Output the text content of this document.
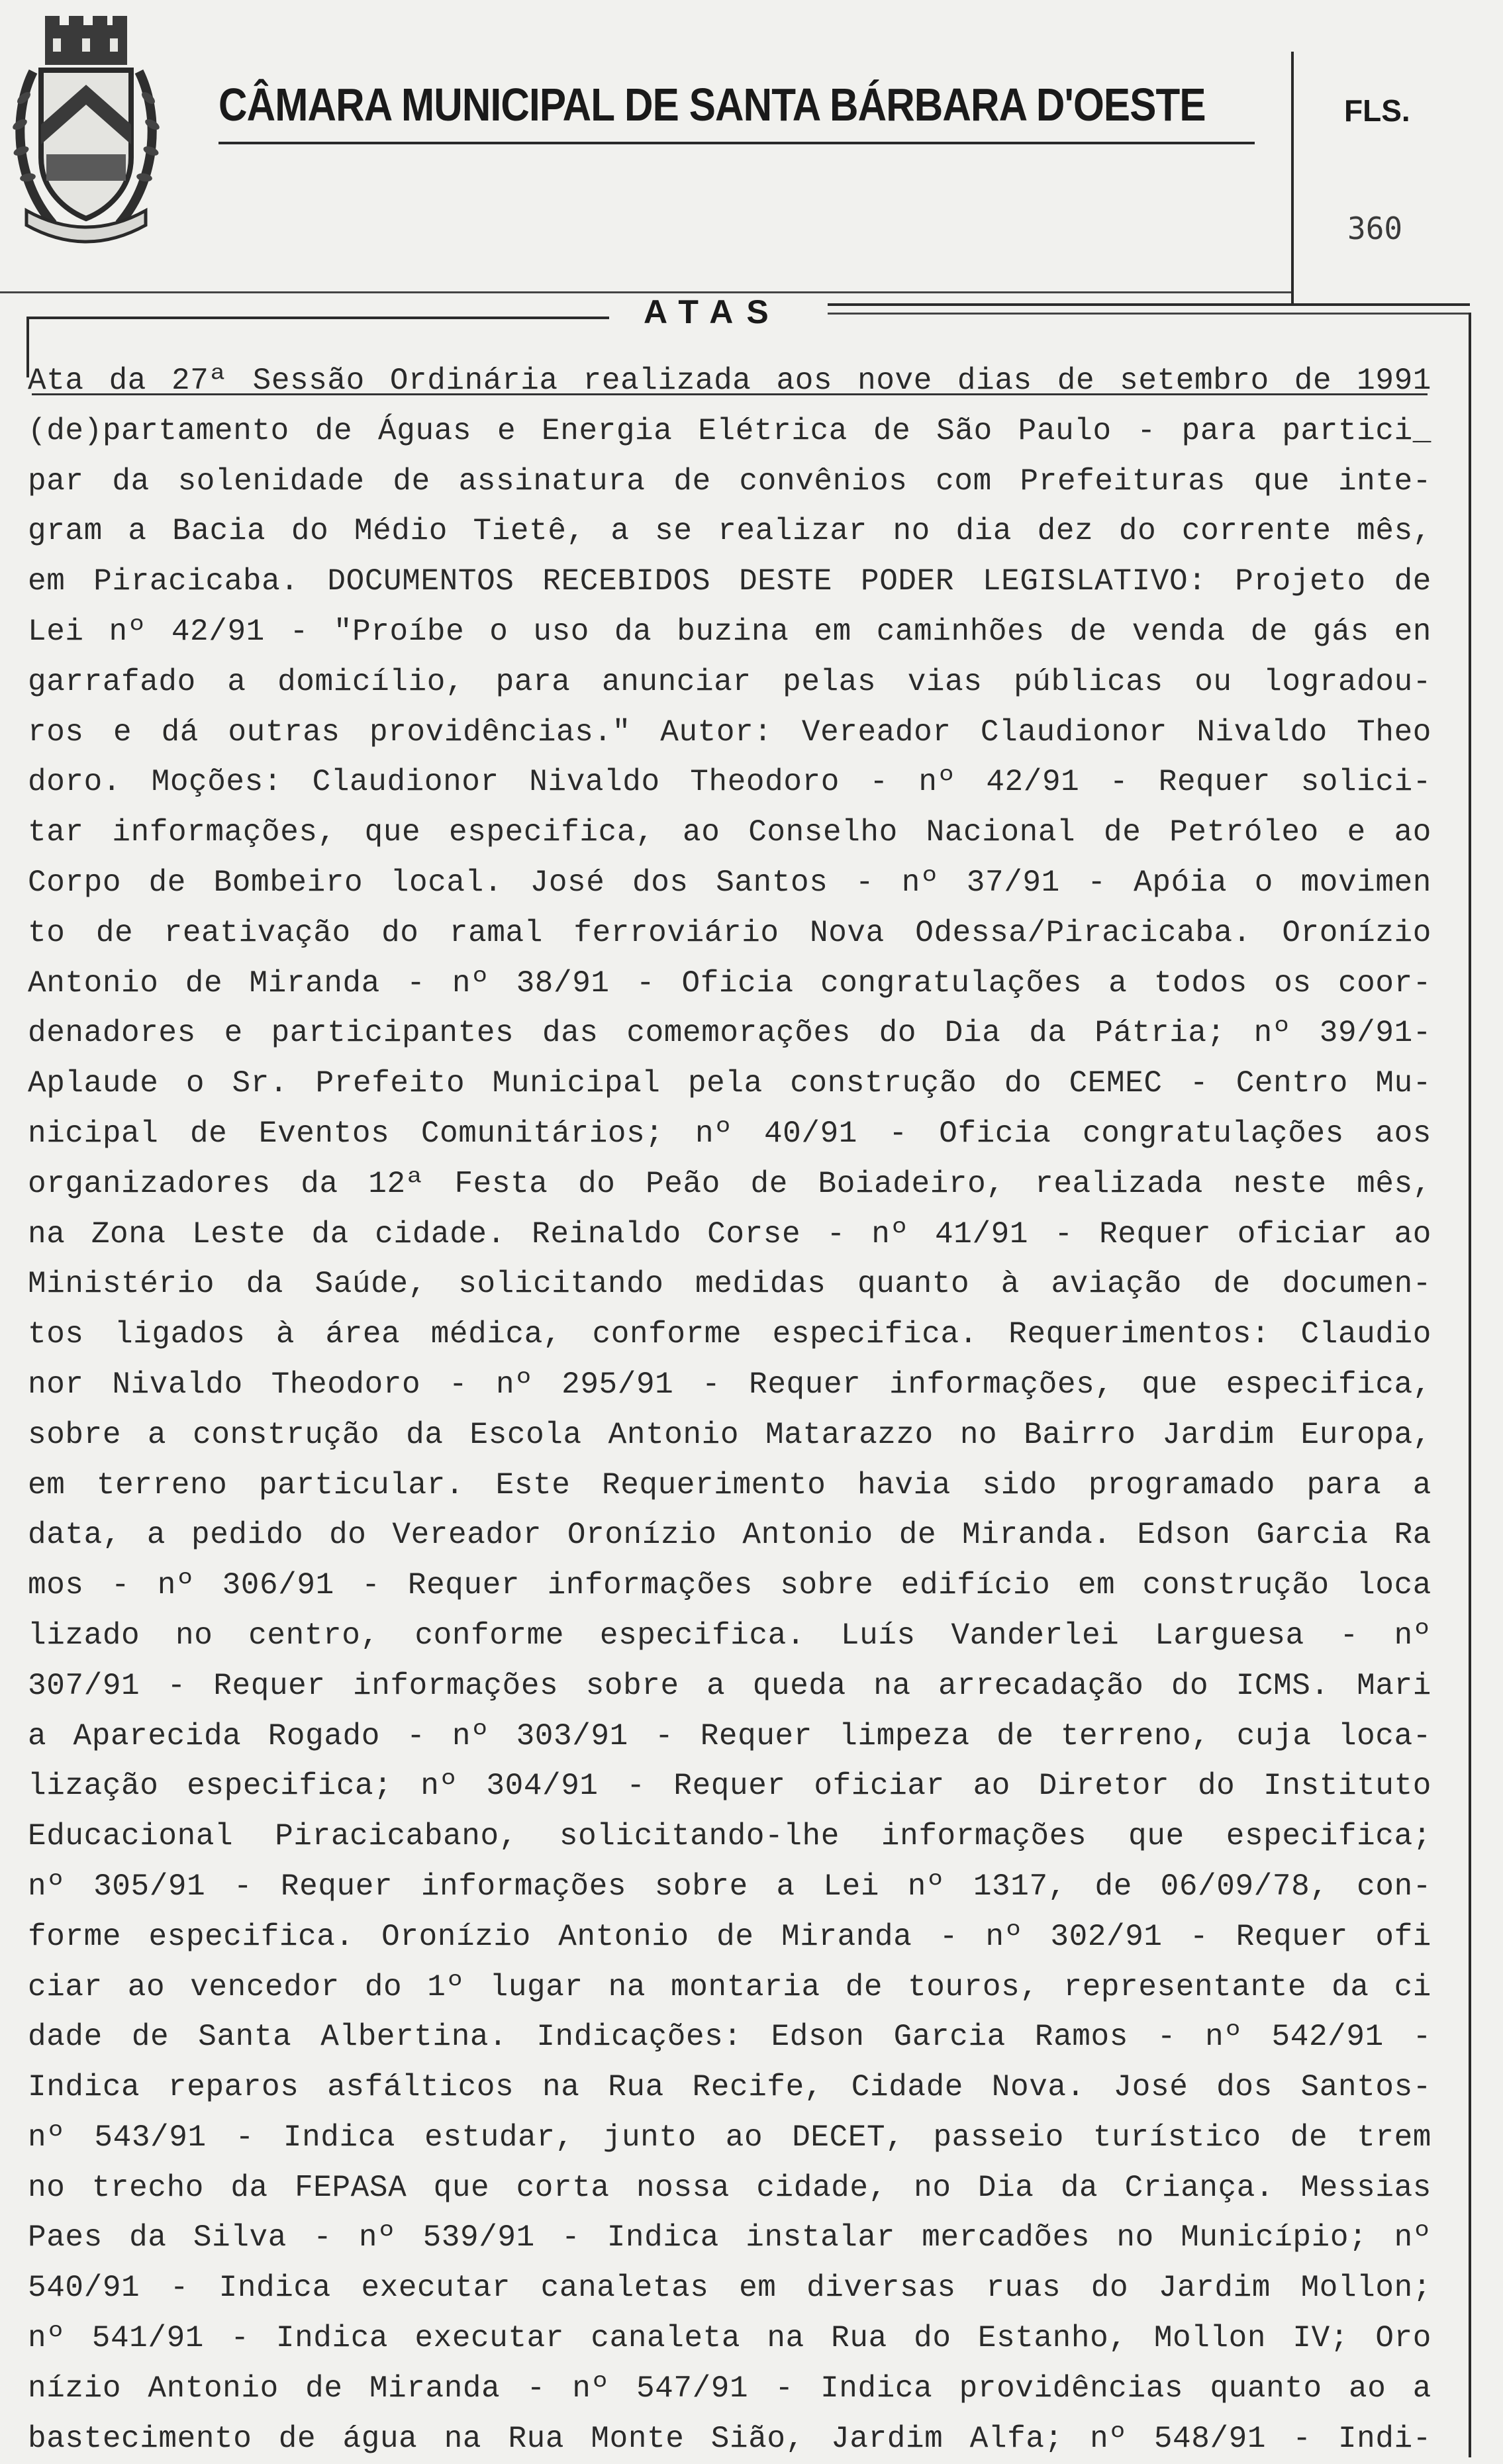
CÂMARA MUNICIPAL DE SANTA BÁRBARA D'OESTE	FLS.
360
ATAS
Ata da 27ª Sessão Ordinária realizada aos nove dias de setembro de 1991
(de)partamento de Águas e Energia Elétrica de São Paulo - para partici_
par da solenidade de assinatura de convênios com Prefeituras que inte-
gram a Bacia do Médio Tietê, a se realizar no dia dez do corrente mês,
em Piracicaba. DOCUMENTOS RECEBIDOS DESTE PODER LEGISLATIVO: Projeto de
Lei nº 42/91 - "Proíbe o uso da buzina em caminhões de venda de gás en
garrafado a domicílio, para anunciar pelas vias públicas ou logradou-
ros e dá outras providências." Autor: Vereador Claudionor Nivaldo Theo
doro. Moções: Claudionor Nivaldo Theodoro - nº 42/91 - Requer solici-
tar informações, que especifica, ao Conselho Nacional de Petróleo e ao
Corpo de Bombeiro local. José dos Santos - nº 37/91 - Apóia o movimen
to de reativação do ramal ferroviário Nova Odessa/Piracicaba. Oronízio
Antonio de Miranda - nº 38/91 - Oficia congratulações a todos os coor-
denadores e participantes das comemorações do Dia da Pátria; nº 39/91-
Aplaude o Sr. Prefeito Municipal pela construção do CEMEC - Centro Mu-
nicipal de Eventos Comunitários; nº 40/91 - Oficia congratulações aos
organizadores da 12ª Festa do Peão de Boiadeiro, realizada neste mês,
na Zona Leste da cidade. Reinaldo Corse - nº 41/91 - Requer oficiar ao
Ministério da Saúde, solicitando medidas quanto à aviação de documen-
tos ligados à área médica, conforme especifica. Requerimentos: Claudio
nor Nivaldo Theodoro - nº 295/91 - Requer informações, que especifica,
sobre a construção da Escola Antonio Matarazzo no Bairro Jardim Europa,
em terreno particular. Este Requerimento havia sido programado para a
data, a pedido do Vereador Oronízio Antonio de Miranda. Edson Garcia Ra
mos - nº 306/91 - Requer informações sobre edifício em construção loca
lizado no centro, conforme especifica. Luís Vanderlei Larguesa - nº
307/91 - Requer informações sobre a queda na arrecadação do ICMS. Mari
a Aparecida Rogado - nº 303/91 - Requer limpeza de terreno, cuja loca-
lização especifica; nº 304/91 - Requer oficiar ao Diretor do Instituto
Educacional Piracicabano, solicitando-lhe informações que especifica;
nº 305/91 - Requer informações sobre a Lei nº 1317, de 06/09/78, con-
forme especifica. Oronízio Antonio de Miranda - nº 302/91 - Requer ofi
ciar ao vencedor do 1º lugar na montaria de touros, representante da ci
dade de Santa Albertina. Indicações: Edson Garcia Ramos - nº 542/91 -
Indica reparos asfálticos na Rua Recife, Cidade Nova. José dos Santos-
nº 543/91 - Indica estudar, junto ao DECET, passeio turístico de trem
no trecho da FEPASA que corta nossa cidade, no Dia da Criança. Messias
Paes da Silva - nº 539/91 - Indica instalar mercadões no Município; nº
540/91 - Indica executar canaletas em diversas ruas do Jardim Mollon;
nº 541/91 - Indica executar canaleta na Rua do Estanho, Mollon IV; Oro
nízio Antonio de Miranda - nº 547/91 - Indica providências quanto ao a
bastecimento de água na Rua Monte Sião, Jardim Alfa; nº 548/91 - Indi-
